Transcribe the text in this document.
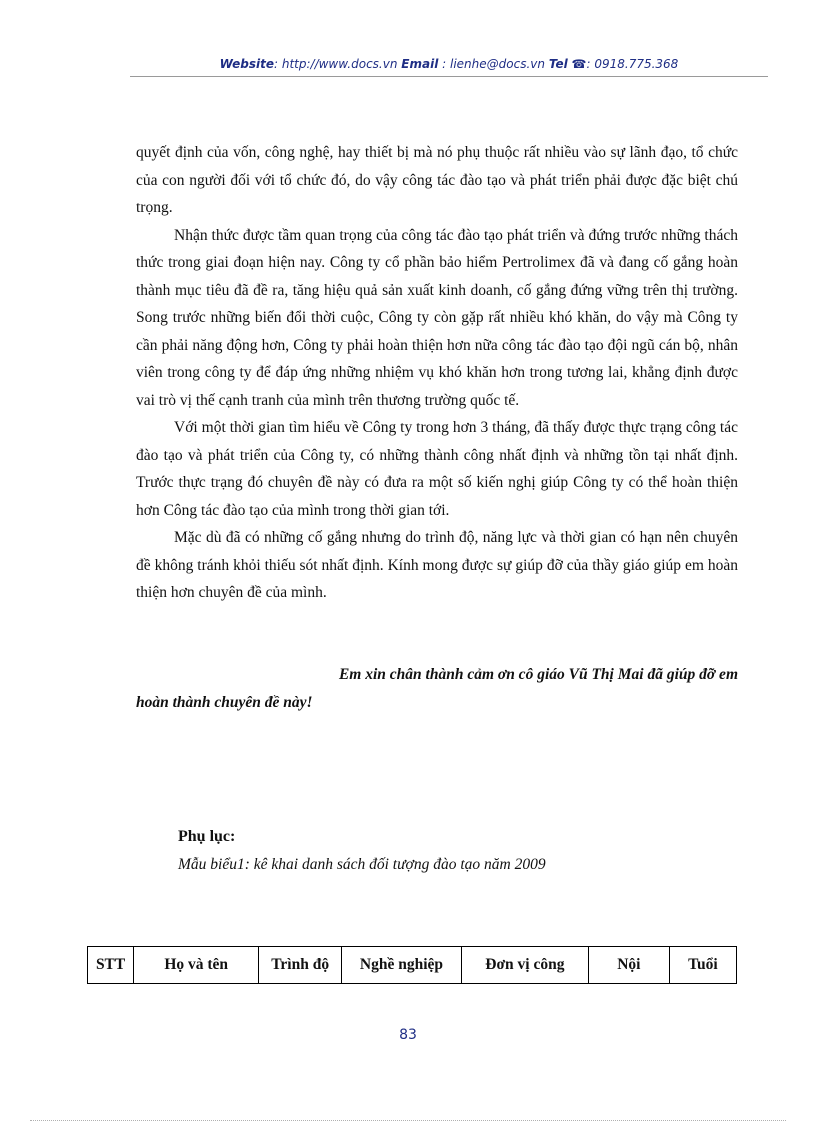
Website: http://www.docs.vn Email : lienhe@docs.vn Tel ☎: 0918.775.368

quyết định của vốn, công nghệ, hay thiết bị mà nó phụ thuộc rất nhiều vào sự lãnh đạo, tổ chức của con người đối với tổ chức đó, do vậy công tác đào tạo và phát triển phải được đặc biệt chú trọng.

Nhận thức được tầm quan trọng của công tác đào tạo phát triển và đứng trước những thách thức trong giai đoạn hiện nay. Công ty cổ phần bảo hiểm Pertrolimex đã và đang cố gắng hoàn thành mục tiêu đã đề ra, tăng hiệu quả sản xuất kinh doanh, cố gắng đứng vững trên thị trường. Song trước những biến đổi thời cuộc, Công ty còn gặp rất nhiều khó khăn, do vậy mà Công ty cần phải năng động hơn, Công ty phải hoàn thiện hơn nữa công tác đào tạo đội ngũ cán bộ, nhân viên trong công ty để đáp ứng những nhiệm vụ khó khăn hơn trong tương lai, khẳng định được vai trò vị thế cạnh tranh của mình trên thương trường quốc tế.

Với một thời gian tìm hiểu về Công ty trong hơn 3 tháng, đã thấy được thực trạng công tác đào tạo và phát triển của Công ty, có những thành công nhất định và những tồn tại nhất định. Trước thực trạng đó chuyên đề này có đưa ra một số kiến nghị giúp Công ty có thể hoàn thiện hơn Công tác đào tạo của mình trong thời gian tới.

Mặc dù đã có những cố gắng nhưng do trình độ, năng lực và thời gian có hạn nên chuyên đề không tránh khỏi thiếu sót nhất định. Kính mong được sự giúp đỡ của thầy giáo giúp em hoàn thiện hơn chuyên đề của mình.

Em xin chân thành cảm ơn cô giáo Vũ Thị Mai đã giúp đỡ em
hoàn thành chuyên đề này!
Phụ lục:
Mẫu biểu1: kê khai danh sách đối tượng đào tạo năm 2009
STT	Họ và tên	Trình độ	Nghề nghiệp	Đơn vị công	Nội	Tuổi
83
